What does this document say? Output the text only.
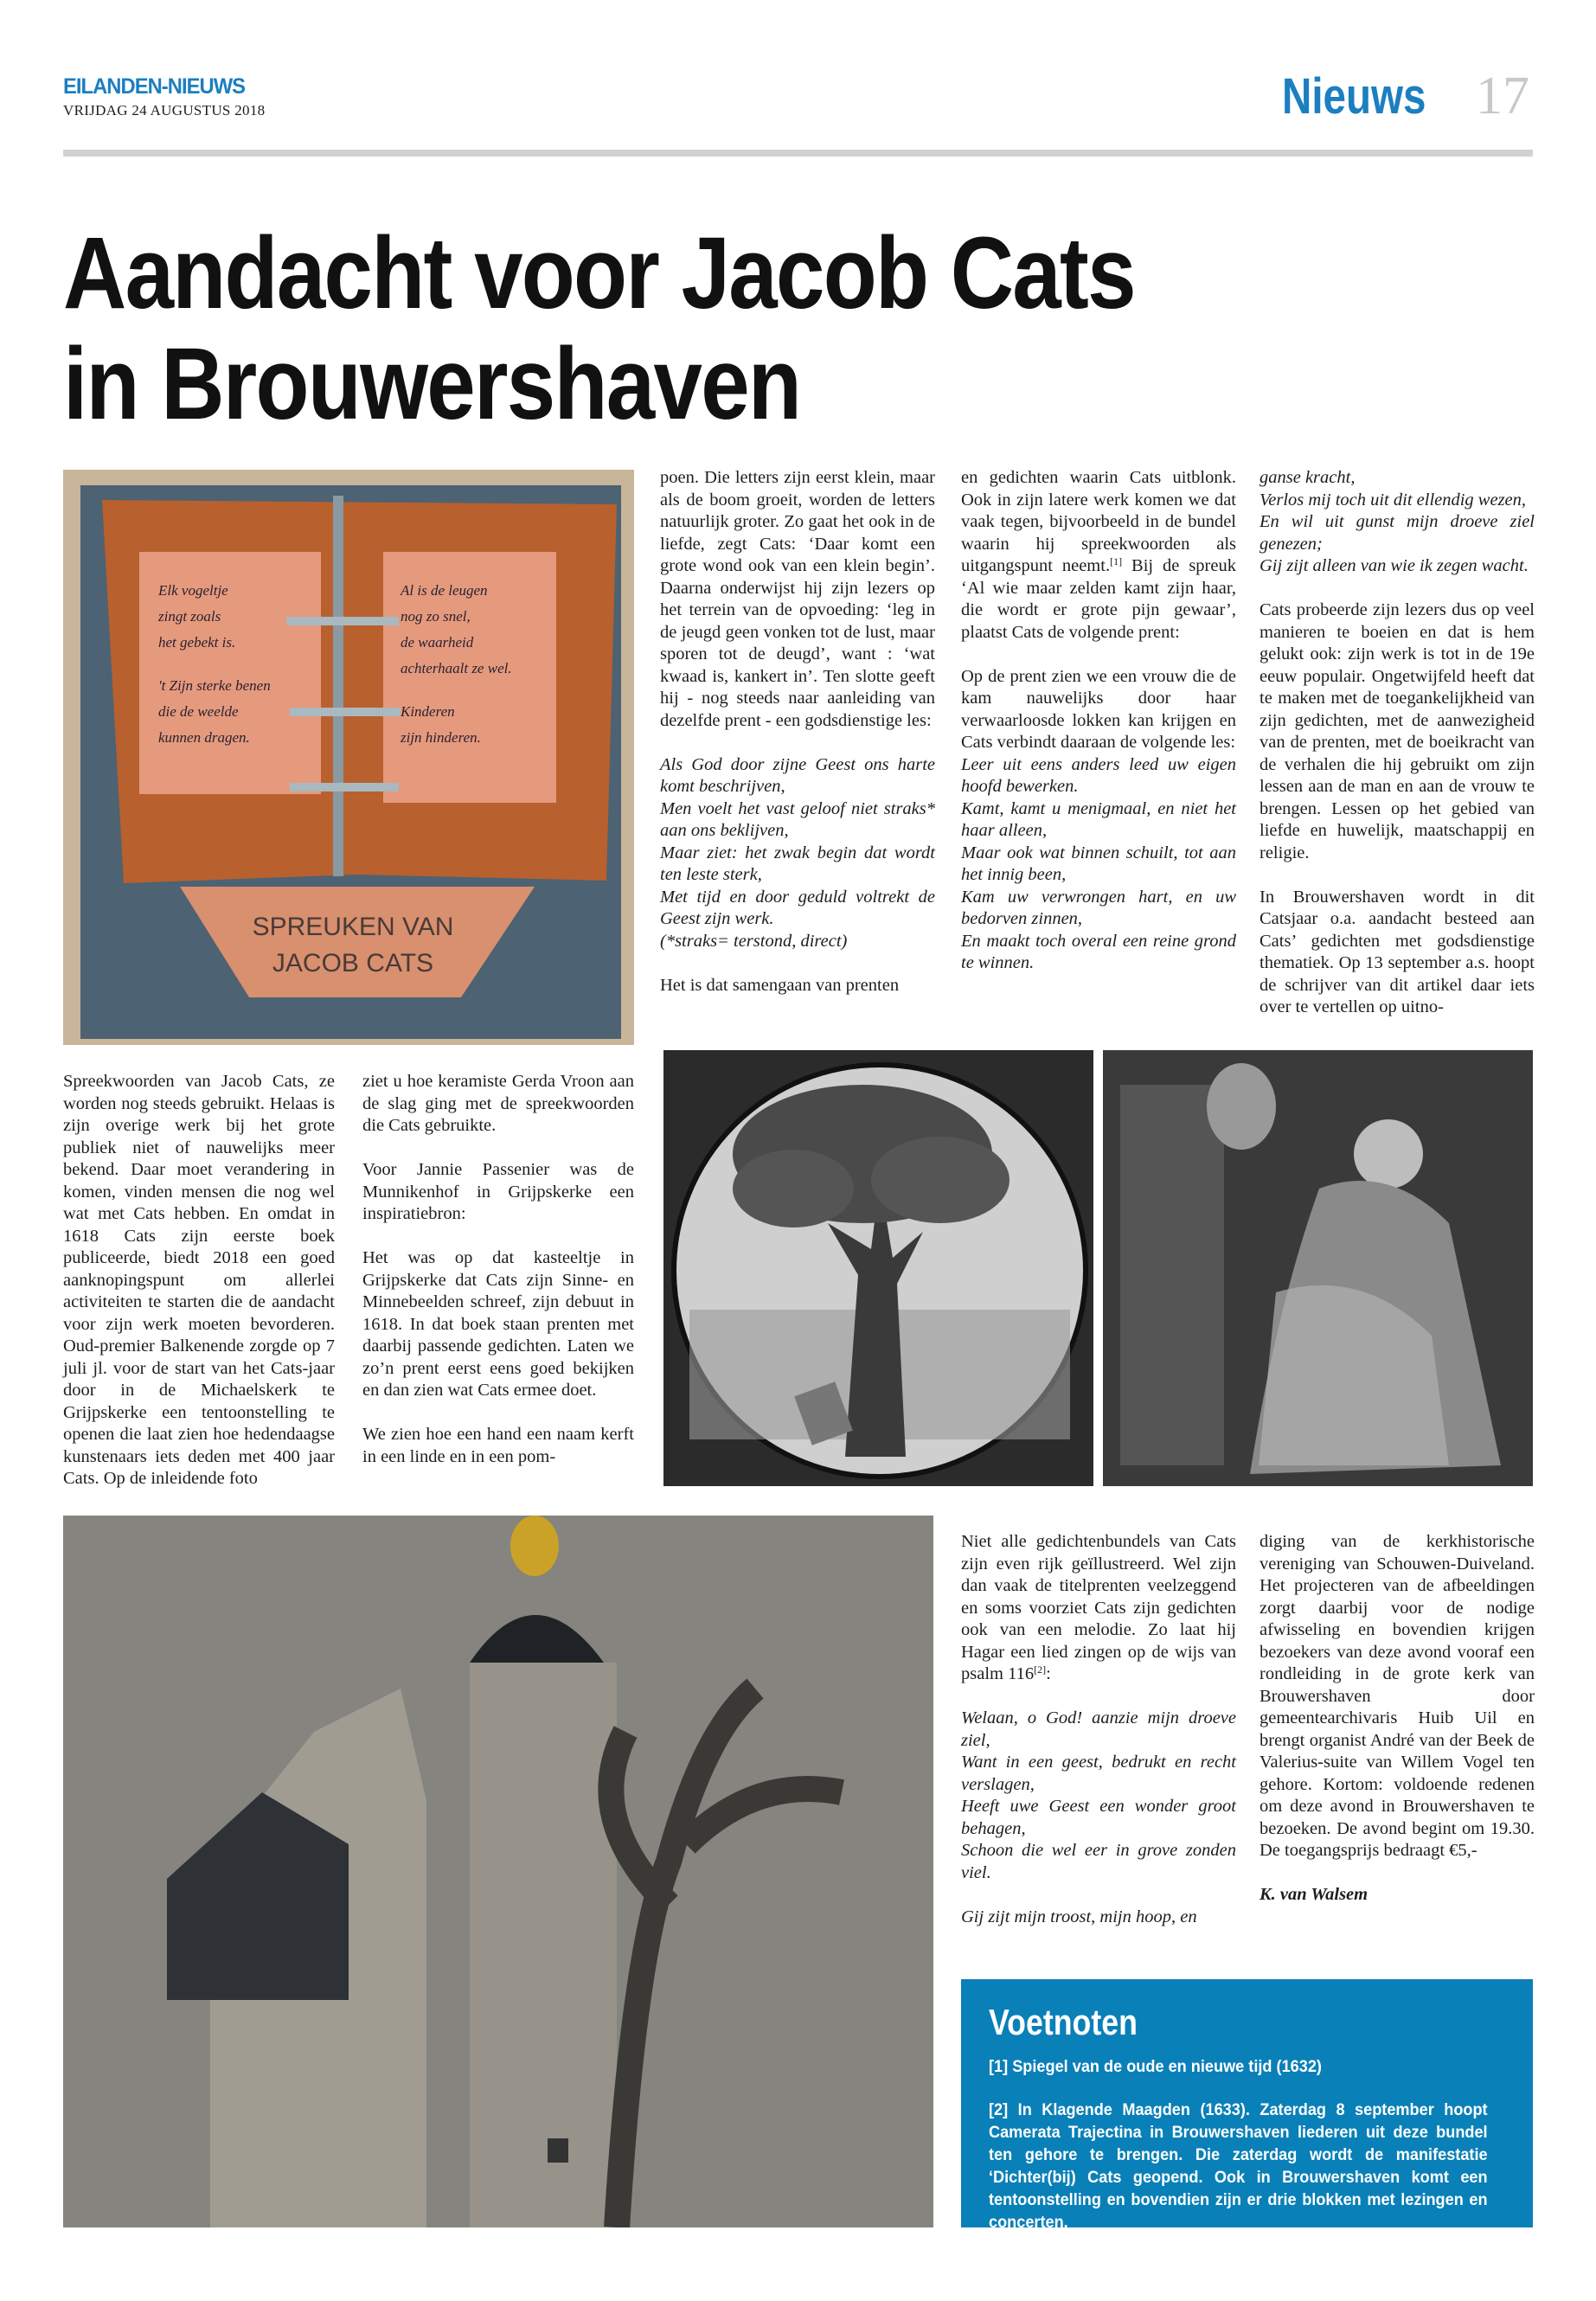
EILANDEN-NIEUWS
VRIJDAG 24 AUGUSTUS 2018	Nieuws 17
Aandacht voor Jacob Cats
in Brouwershaven
Elk vogeltje
zingt zoals
het gebekt is.
't Zijn sterke benen
die de weelde
kunnen dragen.
Al is de leugen
nog zo snel,
de waarheid
achterhaalt ze wel.
Kinderen
zijn hinderen.
SPREUKEN VAN
JACOB CATS

poen. Die letters zijn eerst klein, maar als de boom groeit, worden de letters natuurlijk groter. Zo gaat het ook in de liefde, zegt Cats: ‘Daar komt een grote wond ook van een klein begin’. Daarna onderwijst hij zijn lezers op het terrein van de opvoeding: ‘leg in de jeugd geen vonken tot de lust, maar sporen tot de deugd’, want : ‘wat kwaad is, kankert in’. Ten slotte geeft hij - nog steeds naar aanleiding van dezelfde prent - een godsdienstige les:

Als God door zijne Geest ons harte komt beschrijven,
Men voelt het vast geloof niet straks* aan ons beklijven,
Maar ziet: het zwak begin dat wordt ten leste sterk,
Met tijd en door geduld voltrekt de Geest zijn werk.
(*straks= terstond, direct)

Het is dat samengaan van prenten

en gedichten waarin Cats uitblonk. Ook in zijn latere werk komen we dat vaak tegen, bijvoorbeeld in de bundel waarin hij spreekwoorden als uitgangspunt neemt.[1] Bij de spreuk ‘Al wie maar zelden kamt zijn haar, die wordt er grote pijn gewaar’, plaatst Cats de volgende prent:

Op de prent zien we een vrouw die de kam nauwelijks door haar verwaarloosde lokken kan krijgen en Cats verbindt daaraan de volgende les:

Leer uit eens anders leed uw eigen hoofd bewerken.
Kamt, kamt u menigmaal, en niet het haar alleen,
Maar ook wat binnen schuilt, tot aan het innig been,
Kam uw verwrongen hart, en uw bedorven zinnen,
En maakt toch overal een reine grond te winnen.

ganse kracht,
Verlos mij toch uit dit ellendig wezen,
En wil uit gunst mijn droeve ziel genezen;
Gij zijt alleen van wie ik zegen wacht.

Cats probeerde zijn lezers dus op veel manieren te boeien en dat is hem gelukt ook: zijn werk is tot in de 19e eeuw populair. Ongetwijfeld heeft dat te maken met de toegankelijkheid van zijn gedichten, met de aanwezigheid van de prenten, met de boeikracht van de verhalen die hij gebruikt om zijn lessen aan de man en aan de vrouw te brengen. Lessen op het gebied van liefde en huwelijk, maatschappij en religie.

In Brouwershaven wordt in dit Catsjaar o.a. aandacht besteed aan Cats’ gedichten met godsdienstige thematiek. Op 13 september a.s. hoopt de schrijver van dit artikel daar iets over te vertellen op uitno-

Spreekwoorden van Jacob Cats, ze worden nog steeds gebruikt. Helaas is zijn overige werk bij het grote publiek niet of nauwelijks meer bekend. Daar moet verandering in komen, vinden mensen die nog wel wat met Cats hebben. En omdat in 1618 Cats zijn eerste boek publiceerde, biedt 2018 een goed aanknopingspunt om allerlei activiteiten te starten die de aandacht voor zijn werk moeten bevorderen. Oud-premier Balkenende zorgde op 7 juli jl. voor de start van het Cats-jaar door in de Michaelskerk te Grijpskerke een tentoonstelling te openen die laat zien hoe hedendaagse kunstenaars iets deden met 400 jaar Cats. Op de inleidende foto

ziet u hoe keramiste Gerda Vroon aan de slag ging met de spreekwoorden die Cats gebruikte.

Voor Jannie Passenier was de Munnikenhof in Grijpskerke een inspiratiebron:

Het was op dat kasteeltje in Grijpskerke dat Cats zijn Sinne- en Minnebeelden schreef, zijn debuut in 1618. In dat boek staan prenten met daarbij passende gedichten. Laten we zo’n prent eerst eens goed bekijken en dan zien wat Cats ermee doet.

We zien hoe een hand een naam kerft in een linde en in een pom-

Niet alle gedichtenbundels van Cats zijn even rijk geïllustreerd. Wel zijn dan vaak de titelprenten veelzeggend en soms voorziet Cats zijn gedichten ook van een melodie. Zo laat hij Hagar een lied zingen op de wijs van psalm 116[2]:

Welaan, o God! aanzie mijn droeve ziel,
Want in een geest, bedrukt en recht verslagen,
Heeft uwe Geest een wonder groot behagen,
Schoon die wel eer in grove zonden viel.

Gij zijt mijn troost, mijn hoop, en

diging van de kerkhistorische vereniging van Schouwen-Duiveland. Het projecteren van de afbeeldingen zorgt daarbij voor de nodige afwisseling en bovendien krijgen bezoekers van deze avond vooraf een rondleiding in de grote kerk van Brouwershaven door gemeentearchivaris Huib Uil en brengt organist André van der Beek de Valerius-suite van Willem Vogel ten gehore. Kortom: voldoende redenen om deze avond in Brouwershaven te bezoeken. De avond begint om 19.30. De toegangsprijs bedraagt €5,-

K. van Walsem

Voetnoten

[1] Spiegel van de oude en nieuwe tijd (1632)

[2] In Klagende Maagden (1633). Zaterdag 8 september hoopt Camerata Trajectina in Brouwershaven liederen uit deze bundel ten gehore te brengen. Die zaterdag wordt de manifestatie ‘Dichter(bij) Cats geopend. Ook in Brouwershaven komt een tentoonstelling en bovendien zijn er drie blokken met lezingen en concerten.
